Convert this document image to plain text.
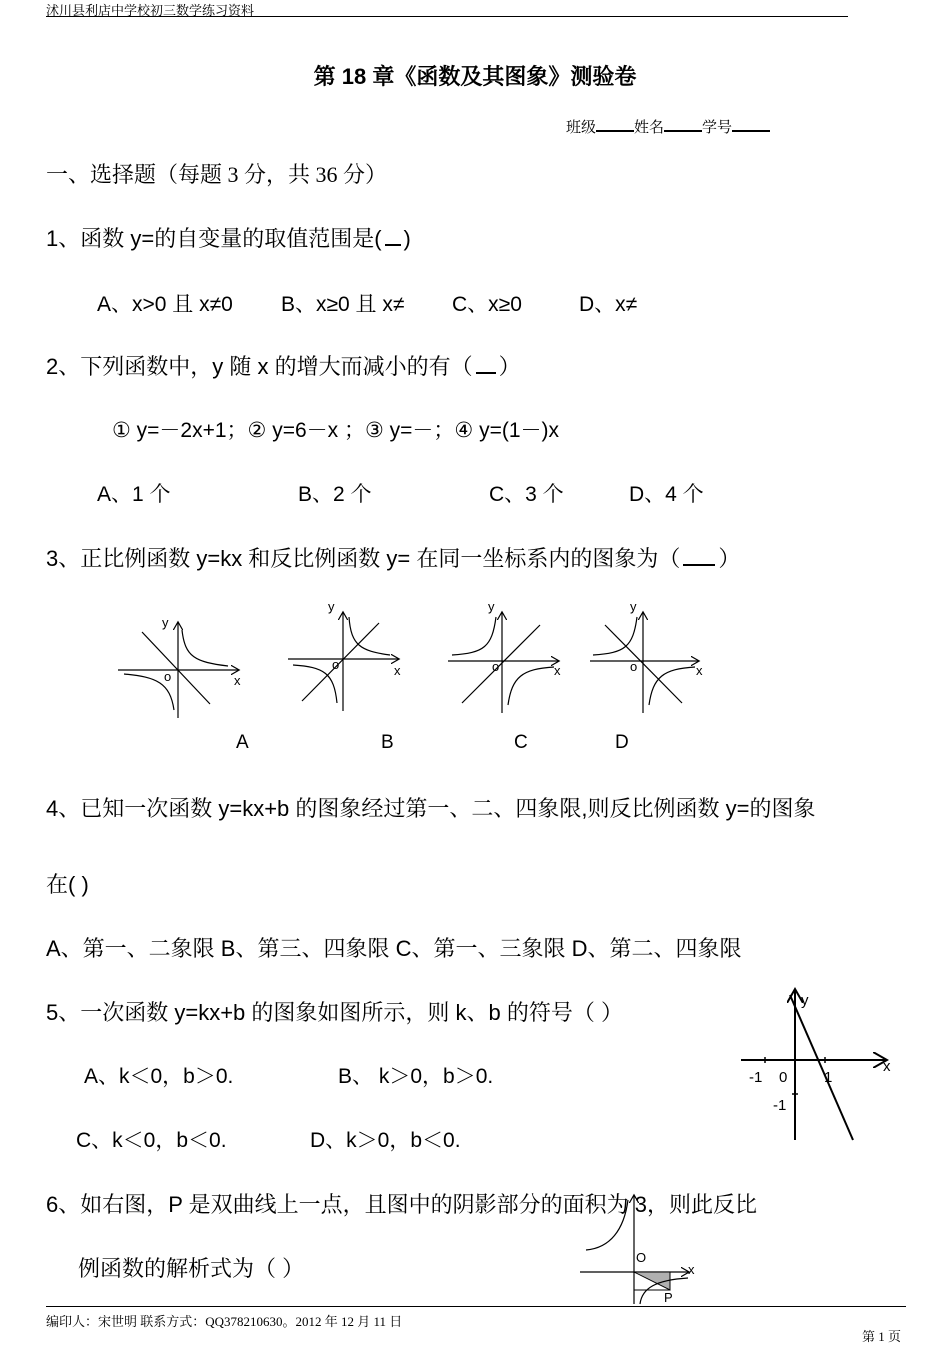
沭川县利店中学校初三数学练习资料
第 18 章《函数及其图象》测验卷
班级	姓名	学号
一、选择题（每题 3 分，共 36 分）
1、函数 y=的自变量的取值范围是( )
A、x>0 且 x≠0 B、x≥0 且 x≠ C、x≥0	D、x≠
2、下列函数中，y 随 x 的增大而减小的有（ ）
① y=－2x+1；② y=6－x ；③ y=－；④ y=(1－)x
A、1 个	B、2 个	C、3 个	D、4 个
3、正比例函数 y=kx 和反比例函数 y= 在同一坐标系内的图象为（ ）
y
o	x
y
o	x
y
o	x
y
o	x
A	B	C	D
4、已知一次函数 y=kx+b 的图象经过第一、二、四象限,则反比例函数 y=的图象
在( )
A、第一、二象限 B、第三、四象限 C、第一、三象限 D、第二、四象限
5、一次函数 y=kx+b 的图象如图所示，则 k、b 的符号（ ）
A、k＜0，b＞0.	B、 k＞0，b＞0.
C、k＜0，b＜0.	D、k＞0，b＜0.
y
x
-1 0 1
-1
6、如右图，P 是双曲线上一点，且图中的阴影部分的面积为 3，则此反比
例函数的解析式为（ ）	O
x
P
编印人：宋世明 联系方式：QQ378210630。2012 年 12 月 11 日
第 1 页
